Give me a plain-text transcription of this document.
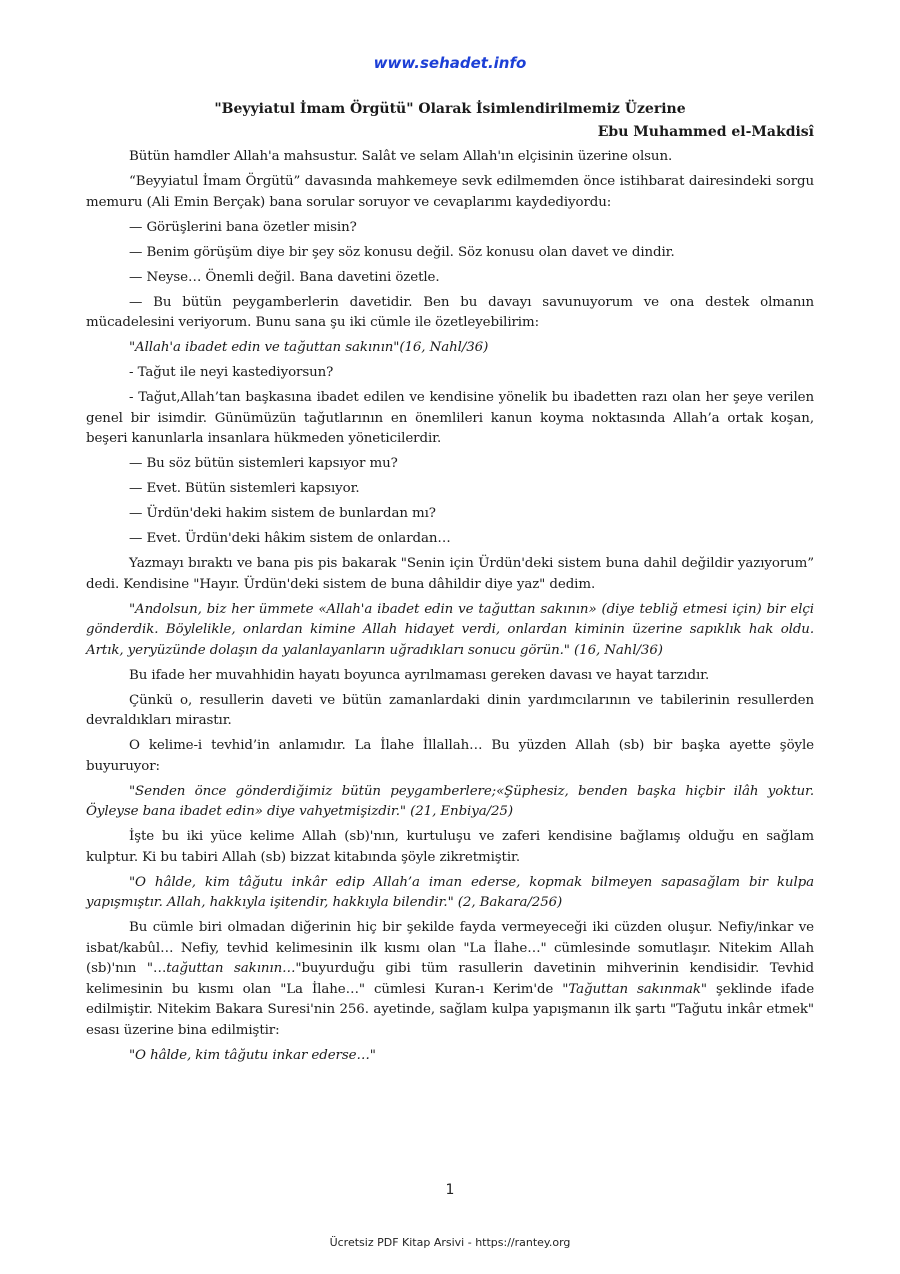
www.sehadet.info

"Beyyiatul İmam Örgütü" Olarak İsimlendirilmemiz Üzerine

Ebu Muhammed el-Makdisî

Bütün hamdler Allah'a mahsustur. Salât ve selam Allah'ın elçisinin üzerine olsun.

“Beyyiatul İmam Örgütü” davasında mahkemeye sevk edilmemden önce istihbarat dairesindeki sorgu memuru (Ali Emin Berçak) bana sorular soruyor ve cevaplarımı kaydediyordu:

— Görüşlerini bana özetler misin?

— Benim görüşüm diye bir şey söz konusu değil. Söz konusu olan davet ve dindir.

— Neyse… Önemli değil. Bana davetini özetle.

— Bu bütün peygamberlerin davetidir. Ben bu davayı savunuyorum ve ona destek olmanın mücadelesini veriyorum. Bunu sana şu iki cümle ile özetleyebilirim:

"Allah'a ibadet edin ve tağuttan sakının"(16, Nahl/36)

- Tağut ile neyi kastediyorsun?

- Tağut,Allah’tan başkasına ibadet edilen ve kendisine yönelik bu ibadetten razı olan her şeye verilen genel bir isimdir. Günümüzün tağutlarının en önemlileri kanun koyma noktasında Allah’a ortak koşan, beşeri kanunlarla insanlara hükmeden yöneticilerdir.

— Bu söz bütün sistemleri kapsıyor mu?

— Evet. Bütün sistemleri kapsıyor.

— Ürdün'deki hakim sistem de bunlardan mı?

— Evet. Ürdün'deki hâkim sistem de onlardan…

Yazmayı bıraktı ve bana pis pis bakarak "Senin için Ürdün'deki sistem buna dahil değildir yazıyorum” dedi. Kendisine "Hayır. Ürdün'deki sistem de buna dâhildir diye yaz" dedim.

"Andolsun, biz her ümmete «Allah'a ibadet edin ve tağuttan sakının» (diye tebliğ etmesi için) bir elçi gönderdik. Böylelikle, onlardan kimine Allah hidayet verdi, onlardan kiminin üzerine sapıklık hak oldu. Artık, yeryüzünde dolaşın da yalanlayanların uğradıkları sonucu görün." (16, Nahl/36)

Bu ifade her muvahhidin hayatı boyunca ayrılmaması gereken davası ve hayat tarzıdır.

Çünkü o, resullerin daveti ve bütün zamanlardaki dinin yardımcılarının ve tabilerinin resullerden devraldıkları mirastır.

O kelime-i tevhid’in anlamıdır. La İlahe İllallah… Bu yüzden Allah (sb) bir başka ayette şöyle buyuruyor:

"Senden önce gönderdiğimiz bütün peygamberlere;«Şüphesiz, benden başka hiçbir ilâh yoktur. Öyleyse bana ibadet edin» diye vahyetmişizdir." (21, Enbiya/25)

İşte bu iki yüce kelime Allah (sb)'nın, kurtuluşu ve zaferi kendisine bağlamış olduğu en sağlam kulptur. Ki bu tabiri Allah (sb) bizzat kitabında şöyle zikretmiştir.

"O hâlde, kim tâğutu inkâr edip Allah’a iman ederse, kopmak bilmeyen sapasağlam bir kulpa yapışmıştır. Allah, hakkıyla işitendir, hakkıyla bilendir." (2, Bakara/256)

Bu cümle biri olmadan diğerinin hiç bir şekilde fayda vermeyeceği iki cüzden oluşur. Nefiy/inkar ve isbat/kabûl… Nefiy, tevhid kelimesinin ilk kısmı olan "La İlahe…" cümlesinde somutlaşır. Nitekim Allah (sb)'nın "…tağuttan sakının…"buyurduğu gibi tüm rasullerin davetinin mihverinin kendisidir. Tevhid kelimesinin bu kısmı olan "La İlahe…" cümlesi Kuran-ı Kerim'de "Tağuttan sakınmak" şeklinde ifade edilmiştir. Nitekim Bakara Suresi'nin 256. ayetinde, sağlam kulpa yapışmanın ilk şartı "Tağutu inkâr etmek" esası üzerine bina edilmiştir:

"O hâlde, kim tâğutu inkar ederse…"

1
Ücretsiz PDF Kitap Arsivi - https://rantey.org
